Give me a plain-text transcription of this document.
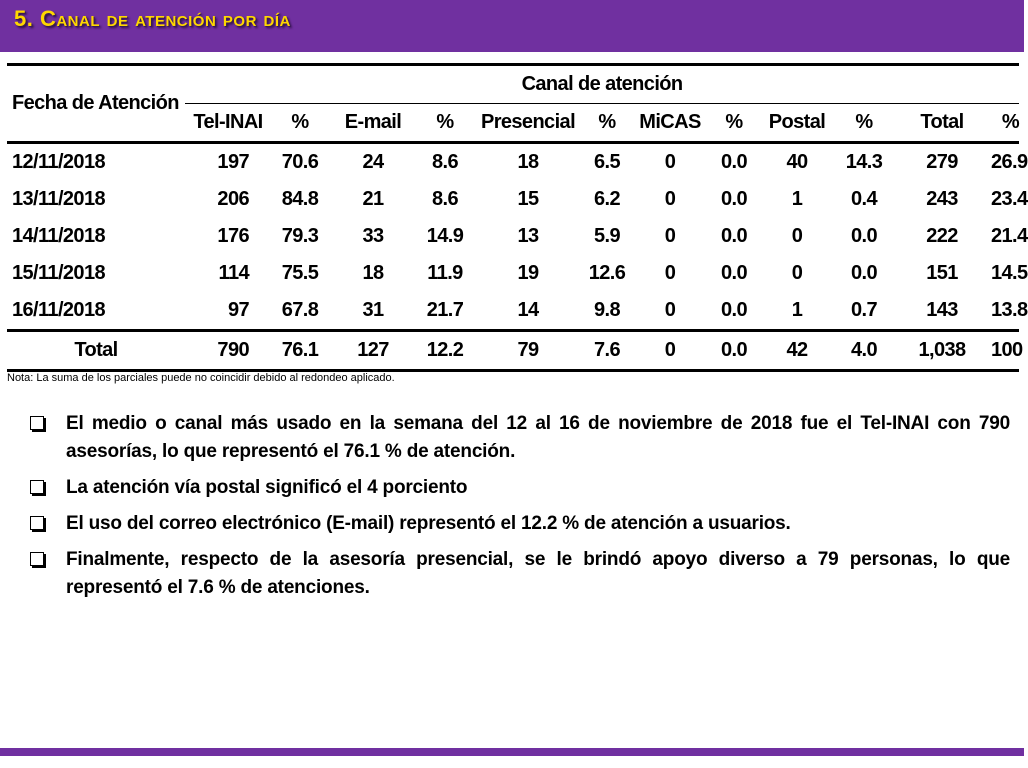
5. Canal de atención por día
Fecha de Atención	Canal de atención											
	Tel-INAI	%	E-mail	%	Presencial	%	MiCAS	%	Postal	%	Total	%
12/11/2018	197	70.6	24	8.6	18	6.5	0	0.0	40	14.3	279	26.9
13/11/2018	206	84.8	21	8.6	15	6.2	0	0.0	1	0.4	243	23.4
14/11/2018	176	79.3	33	14.9	13	5.9	0	0.0	0	0.0	222	21.4
15/11/2018	114	75.5	18	11.9	19	12.6	0	0.0	0	0.0	151	14.5
16/11/2018	97	67.8	31	21.7	14	9.8	0	0.0	1	0.7	143	13.8
Total	790	76.1	127	12.2	79	7.6	0	0.0	42	4.0	1,038	100
Nota: La suma de los parciales puede no coincidir debido al redondeo aplicado.
El medio o canal más usado en la semana del 12 al 16 de noviembre de 2018 fue el Tel-INAI con 790 asesorías, lo que representó el 76.1 % de atención.
La atención vía postal significó el 4 porciento
El uso del correo electrónico (E-mail) representó el 12.2 % de atención a usuarios.
Finalmente, respecto de la asesoría presencial, se le brindó apoyo diverso a 79 personas, lo que representó el 7.6 % de atenciones.
